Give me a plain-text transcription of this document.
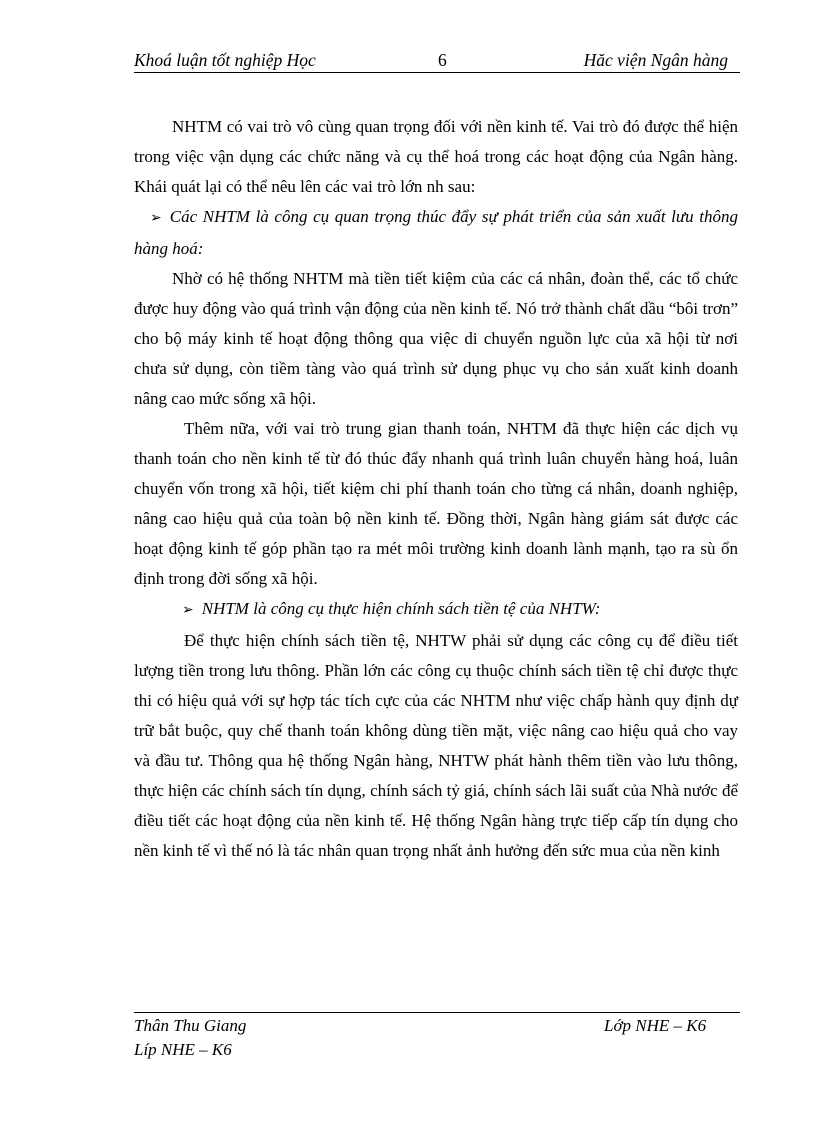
Khoá luận tốt nghiệp Học	6	Hăc viện Ngân hàng

NHTM có vai trò vô cùng quan trọng đối với nền kinh tế. Vai trò đó được thể hiện trong việc vận dụng các chức năng và cụ thể hoá trong các hoạt động của Ngân hàng. Khái quát lại có thể nêu lên các vai trò lớn nh sau:

➢ Các NHTM là công cụ quan trọng thúc đẩy sự phát triển của sản xuất lưu thông hàng hoá:

Nhờ có hệ thống NHTM mà tiền tiết kiệm của các cá nhân, đoàn thể, các tổ chức được huy động vào quá trình vận động của nền kinh tế. Nó trở thành chất dầu “bôi trơn” cho bộ máy kinh tế hoạt động thông qua việc di chuyển nguồn lực của xã hội từ nơi chưa sử dụng, còn tiềm tàng vào quá trình sử dụng phục vụ cho sản xuất kinh doanh nâng cao mức sống xã hội.

Thêm nữa, với vai trò trung gian thanh toán, NHTM đã thực hiện các dịch vụ thanh toán cho nền kinh tế từ đó thúc đẩy nhanh quá trình luân chuyển hàng hoá, luân chuyển vốn trong xã hội, tiết kiệm chi phí thanh toán cho từng cá nhân, doanh nghiệp, nâng cao hiệu quả của toàn bộ nền kinh tế. Đồng thời, Ngân hàng giám sát được các hoạt động kinh tế góp phần tạo ra mét môi trường kinh doanh lành mạnh, tạo ra sù ổn định trong đời sống xã hội.

➢ NHTM là công cụ thực hiện chính sách tiền tệ của NHTW:

Để thực hiện chính sách tiền tệ, NHTW phải sử dụng các công cụ để điều tiết lượng tiền trong lưu thông. Phần lớn các công cụ thuộc chính sách tiền tệ chỉ được thực thi có hiệu quả với sự hợp tác tích cực của các NHTM như việc chấp hành quy định dự trữ bắt buộc, quy chế thanh toán không dùng tiền mặt, việc nâng cao hiệu quả cho vay và đầu tư. Thông qua hệ thống Ngân hàng, NHTW phát hành thêm tiền vào lưu thông, thực hiện các chính sách tín dụng, chính sách tỷ giá, chính sách lãi suất của Nhà nước để điều tiết các hoạt động của nền kinh tế. Hệ thống Ngân hàng trực tiếp cấp tín dụng cho nền kinh tế vì thế nó là tác nhân quan trọng nhất ảnh hưởng đến sức mua của nền kinh

Thân Thu Giang	Lớp NHE – K6
Líp NHE – K6
